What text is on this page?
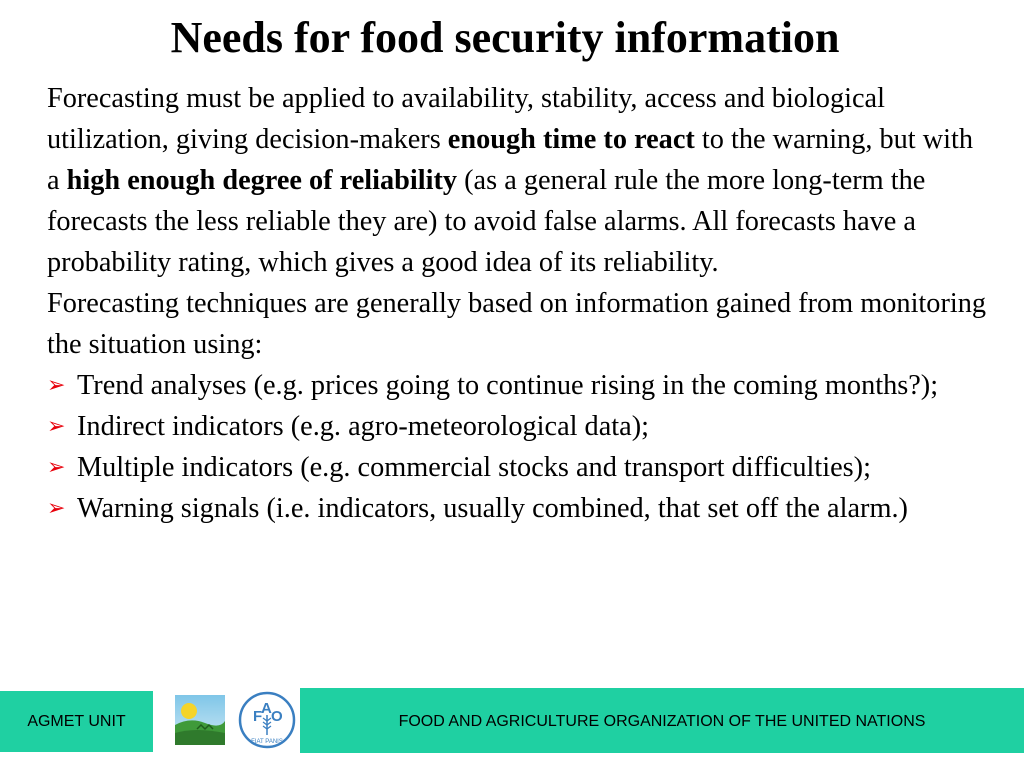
Needs for food security information

Forecasting must be applied to availability, stability, access and biological utilization, giving decision-makers enough time to react to the warning, but with a high enough degree of reliability (as a general rule the more long-term the forecasts the less reliable they are) to avoid false alarms. All forecasts have a probability rating, which gives a good idea of its reliability.

Forecasting techniques are generally based on information gained from monitoring the situation using:

➢ Trend analyses (e.g. prices going to continue rising in the coming months?);

➢ Indirect indicators (e.g. agro-meteorological data);

➢ Multiple indicators (e.g. commercial stocks and transport difficulties);

➢ Warning signals (i.e. indicators, usually combined, that set off the alarm.)

AGMET UNIT	F
A O
FIAT PANIS
FOOD AND AGRICULTURE ORGANIZATION OF THE UNITED NATIONS
